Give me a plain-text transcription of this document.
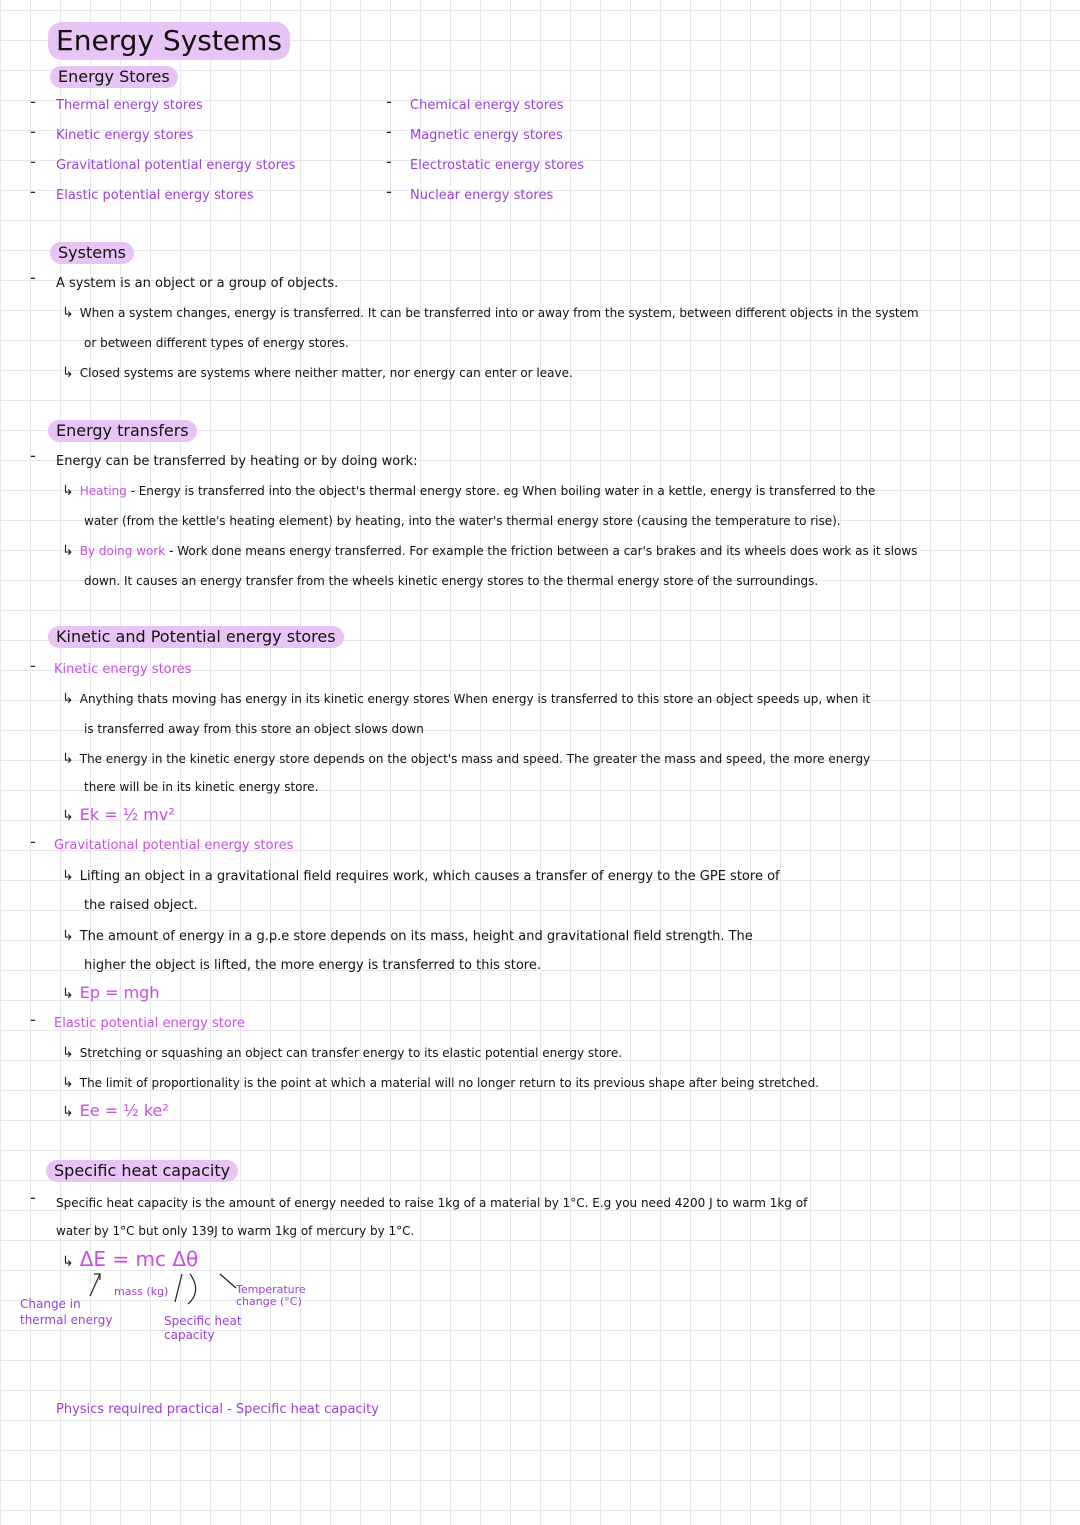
Energy Systems
Energy Stores
-
-
-
-
Thermal energy stores
Kinetic energy stores
Gravitational potential energy stores
Elastic potential energy stores
-
-
-
-
Chemical energy stores
Magnetic energy stores
Electrostatic energy stores
Nuclear energy stores
Systems
- A system is an object or a group of objects.
↳ When a system changes, energy is transferred. It can be transferred into or away from the system, between different objects in the system
or between different types of energy stores.
↳ Closed systems are systems where neither matter, nor energy can enter or leave.
Energy transfers
- Energy can be transferred by heating or by doing work:
↳ Heating - Energy is transferred into the object's thermal energy store. eg When boiling water in a kettle, energy is transferred to the
water (from the kettle's heating element) by heating, into the water's thermal energy store (causing the temperature to rise).
↳ By doing work - Work done means energy transferred. For example the friction between a car's brakes and its wheels does work as it slows
down. It causes an energy transfer from the wheels kinetic energy stores to the thermal energy store of the surroundings.
Kinetic and Potential energy stores
- Kinetic energy stores
↳ Anything thats moving has energy in its kinetic energy stores When energy is transferred to this store an object speeds up, when it
is transferred away from this store an object slows down
↳ The energy in the kinetic energy store depends on the object's mass and speed. The greater the mass and speed, the more energy
there will be in its kinetic energy store.
↳ Ek = ½ mv²
- Gravitational potential energy stores
↳ Lifting an object in a gravitational field requires work, which causes a transfer of energy to the GPE store of
the raised object.
↳ The amount of energy in a g.p.e store depends on its mass, height and gravitational field strength. The
higher the object is lifted, the more energy is transferred to this store.
↳ Ep = mgh
- Elastic potential energy store
↳ Stretching or squashing an object can transfer energy to its elastic potential energy store.
↳ The limit of proportionality is the point at which a material will no longer return to its previous shape after being stretched.
↳ Ee = ½ ke²
Specific heat capacity
- Specific heat capacity is the amount of energy needed to raise 1kg of a material by 1°C. E.g you need 4200 J to warm 1kg of
water by 1°C but only 139J to warm 1kg of mercury by 1°C.
↳ ΔE = mc Δθ
Change in
thermal energy
mass (kg)	Temperature
change (°C)
Specific heat
capacity
Physics required practical - Specific heat capacity
